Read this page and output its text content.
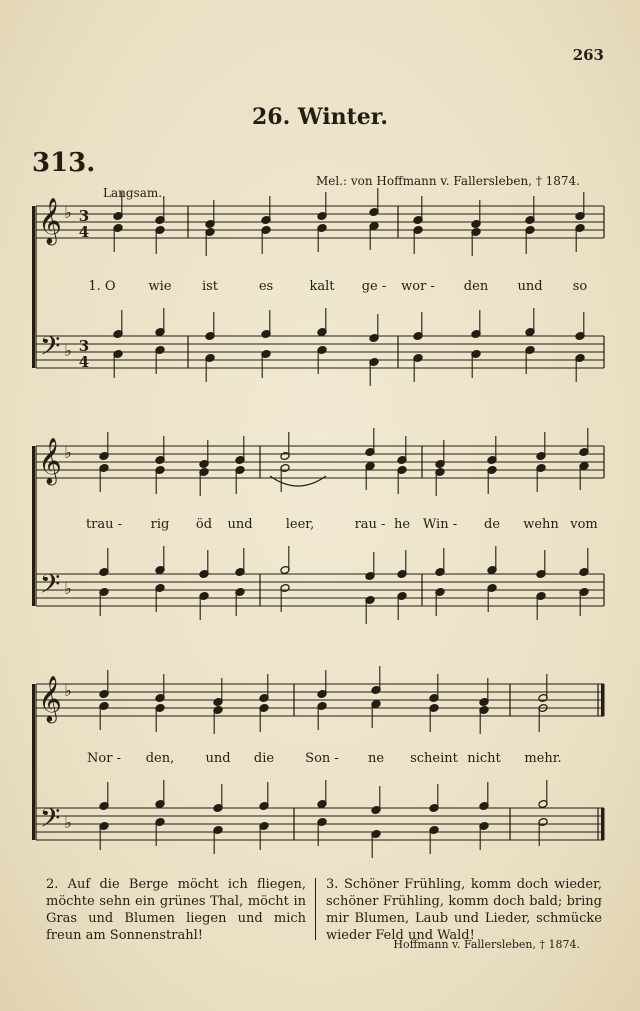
263
26. Winter.
313.
Mel.: von Hoffmann v. Fallersleben, † 1874.
Langsam.
𝄞
𝄢
♭
♭
3
4
3
4
𝄞
𝄢
♭
♭
𝄞
𝄢
♭
♭
1. O	wie ist	es	kalt ge - wor - den und so
trau - rig öd und	leer,	rau - he Win - de wehn vom
Nor - den, und die Son - ne scheint nicht mehr.
2. Auf die Berge möcht ich fliegen, möchte sehn ein grünes Thal, möcht in Gras und Blumen liegen und mich freun am Sonnenstrahl!
3. Schöner Frühling, komm doch wieder, schöner Frühling, komm doch bald; bring mir Blumen, Laub und Lieder, schmücke wieder Feld und Wald!
Hoffmann v. Fallersleben, † 1874.
